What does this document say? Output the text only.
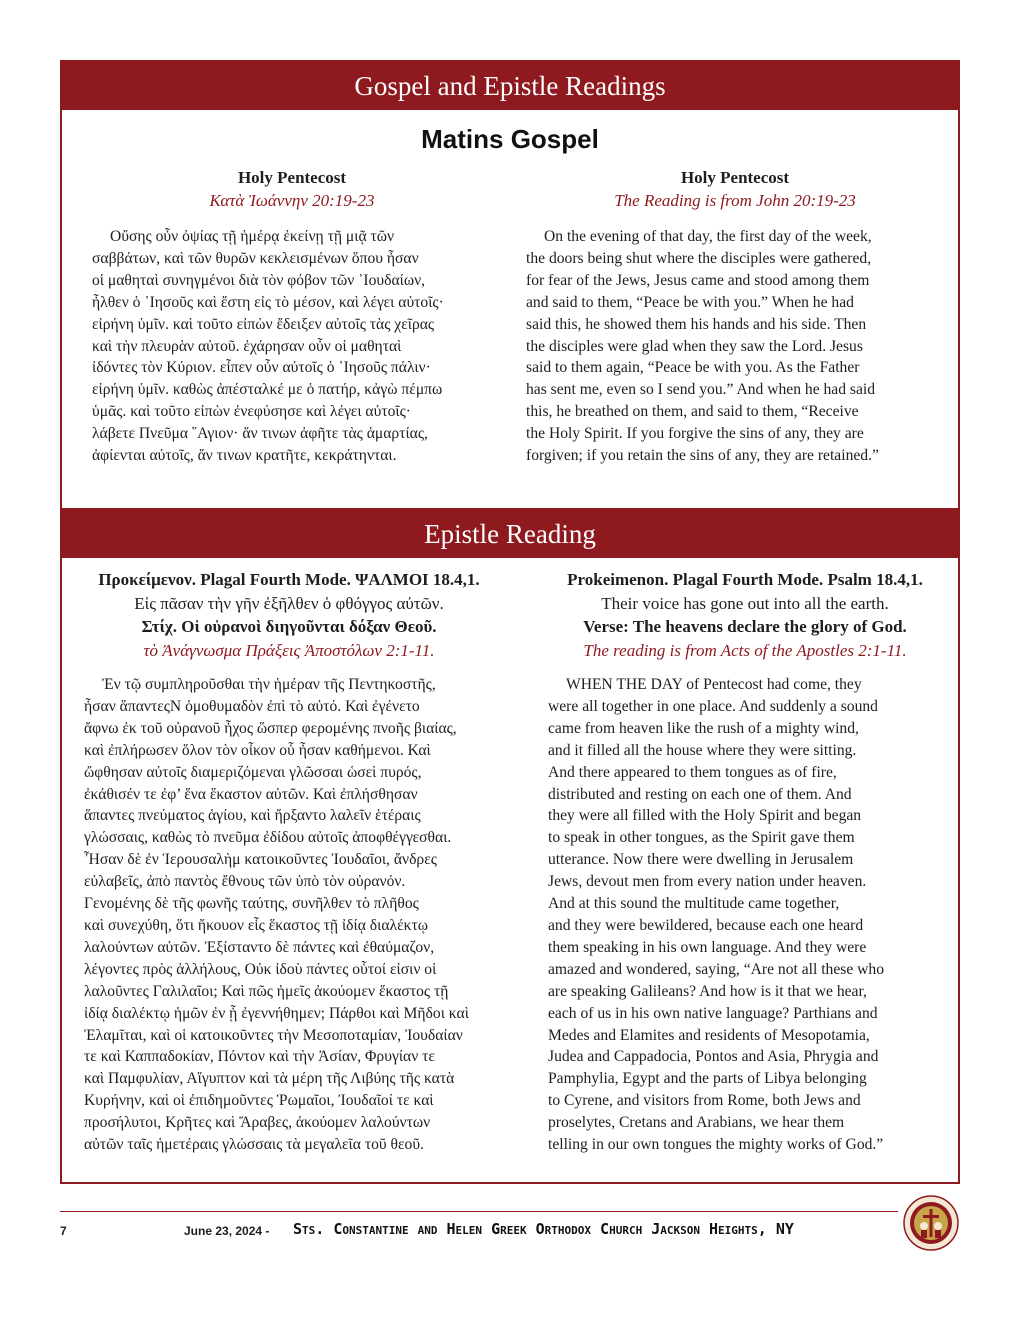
Gospel and Epistle Readings
Matins Gospel
Holy Pentecost
Κατὰ Ἰωάννην 20:19-23

Οὔσης οὖν ὀψίας τῇ ἡμέρᾳ ἐκείνῃ τῇ μιᾷ τῶν
σαββάτων, καὶ τῶν θυρῶν κεκλεισμένων ὅπου ἦσαν
οἱ μαθηταὶ συνηγμένοι διὰ τὸν φόβον τῶν ᾿Ιουδαίων,
ἦλθεν ὁ ᾿Ιησοῦς καὶ ἔστη εἰς τὸ μέσον, καὶ λέγει αὐτοῖς·
εἰρήνη ὑμῖν. καὶ τοῦτο εἰπὼν ἔδειξεν αὐτοῖς τὰς χεῖρας
καὶ τὴν πλευρὰν αὐτοῦ. ἐχάρησαν οὖν οἱ μαθηταὶ
ἰδόντες τὸν Κύριον. εἶπεν οὖν αὐτοῖς ὁ ᾿Ιησοῦς πάλιν·
εἰρήνη ὑμῖν. καθὼς ἀπέσταλκέ με ὁ πατήρ, κἀγὼ πέμπω
ὑμᾶς. καὶ τοῦτο εἰπὼν ἐνεφύσησε καὶ λέγει αὐτοῖς·
λάβετε Πνεῦμα ῞Αγιον· ἄν τινων ἀφῆτε τὰς ἁμαρτίας,
ἀφίενται αὐτοῖς, ἄν τινων κρατῆτε, κεκράτηνται.

Holy Pentecost
The Reading is from John 20:19-23

On the evening of that day, the first day of the week,
the doors being shut where the disciples were gathered,
for fear of the Jews, Jesus came and stood among them
and said to them, “Peace be with you.” When he had
said this, he showed them his hands and his side. Then
the disciples were glad when they saw the Lord. Jesus
said to them again, “Peace be with you. As the Father
has sent me, even so I send you.” And when he had said
this, he breathed on them, and said to them, “Receive
the Holy Spirit. If you forgive the sins of any, they are
forgiven; if you retain the sins of any, they are retained.”

Epistle Reading
Προκείμενον. Plagal Fourth Mode. ΨΑΛΜΟΙ 18.4,1.
Εἰς πᾶσαν τὴν γῆν ἐξῆλθεν ὁ φθόγγος αὐτῶν.
Στίχ. Οἱ οὐρανοὶ διηγοῦνται δόξαν Θεοῦ.
τὸ Ἀνάγνωσμα Πράξεις Ἀποστόλων 2:1-11.

Ἐν τῷ συμπληροῦσθαι τὴν ἡμέραν τῆς Πεντηκοστῆς,
ἦσαν ἅπαντεςΝ ὁμοθυμαδὸν ἐπὶ τὸ αὐτό. Καὶ ἐγένετο
ἄφνω ἐκ τοῦ οὐρανοῦ ἦχος ὥσπερ φερομένης πνοῆς βιαίας,
καὶ ἐπλήρωσεν ὅλον τὸν οἶκον οὗ ἦσαν καθήμενοι. Καὶ
ὤφθησαν αὐτοῖς διαμεριζόμεναι γλῶσσαι ὡσεὶ πυρός,
ἐκάθισέν τε ἐφ’ ἕνα ἕκαστον αὐτῶν. Καὶ ἐπλήσθησαν
ἅπαντες πνεύματος ἁγίου, καὶ ἤρξαντο λαλεῖν ἑτέραις
γλώσσαις, καθὼς τὸ πνεῦμα ἐδίδου αὐτοῖς ἀποφθέγγεσθαι.
Ἦσαν δὲ ἐν Ἱερουσαλὴμ κατοικοῦντες Ἰουδαῖοι, ἄνδρες
εὐλαβεῖς, ἀπὸ παντὸς ἔθνους τῶν ὑπὸ τὸν οὐρανόν.
Γενομένης δὲ τῆς φωνῆς ταύτης, συνῆλθεν τὸ πλῆθος
καὶ συνεχύθη, ὅτι ἤκουον εἷς ἕκαστος τῇ ἰδίᾳ διαλέκτῳ
λαλούντων αὐτῶν. Ἐξίσταντο δὲ πάντες καὶ ἐθαύμαζον,
λέγοντες πρὸς ἀλλήλους, Οὐκ ἰδοὺ πάντες οὗτοί εἰσιν οἱ
λαλοῦντες Γαλιλαῖοι; Καὶ πῶς ἡμεῖς ἀκούομεν ἕκαστος τῇ
ἰδίᾳ διαλέκτῳ ἡμῶν ἐν ᾗ ἐγεννήθημεν; Πάρθοι καὶ Μῆδοι καὶ
Ἐλαμῖται, καὶ οἱ κατοικοῦντες τὴν Μεσοποταμίαν, Ἰουδαίαν
τε καὶ Καππαδοκίαν, Πόντον καὶ τὴν Ἀσίαν, Φρυγίαν τε
καὶ Παμφυλίαν, Αἴγυπτον καὶ τὰ μέρη τῆς Λιβύης τῆς κατὰ
Κυρήνην, καὶ οἱ ἐπιδημοῦντες Ῥωμαῖοι, Ἰουδαῖοί τε καὶ
προσήλυτοι, Κρῆτες καὶ Ἄραβες, ἀκούομεν λαλούντων
αὐτῶν ταῖς ἡμετέραις γλώσσαις τὰ μεγαλεῖα τοῦ θεοῦ.

Prokeimenon. Plagal Fourth Mode. Psalm 18.4,1.
Their voice has gone out into all the earth.
Verse: The heavens declare the glory of God.
The reading is from Acts of the Apostles 2:1-11.

WHEN THE DAY of Pentecost had come, they
were all together in one place. And suddenly a sound
came from heaven like the rush of a mighty wind,
and it filled all the house where they were sitting.
And there appeared to them tongues as of fire,
distributed and resting on each one of them. And
they were all filled with the Holy Spirit and began
to speak in other tongues, as the Spirit gave them
utterance. Now there were dwelling in Jerusalem
Jews, devout men from every nation under heaven.
And at this sound the multitude came together,
and they were bewildered, because each one heard
them speaking in his own language. And they were
amazed and wondered, saying, “Are not all these who
are speaking Galileans? And how is it that we hear,
each of us in his own native language? Parthians and
Medes and Elamites and residents of Mesopotamia,
Judea and Cappadocia, Pontos and Asia, Phrygia and
Pamphylia, Egypt and the parts of Libya belonging
to Cyrene, and visitors from Rome, both Jews and
proselytes, Cretans and Arabians, we hear them
telling in our own tongues the mighty works of God.”

7	June 23, 2024 - Sts. Constantine and Helen Greek Orthodox Church Jackson Heights, NY
